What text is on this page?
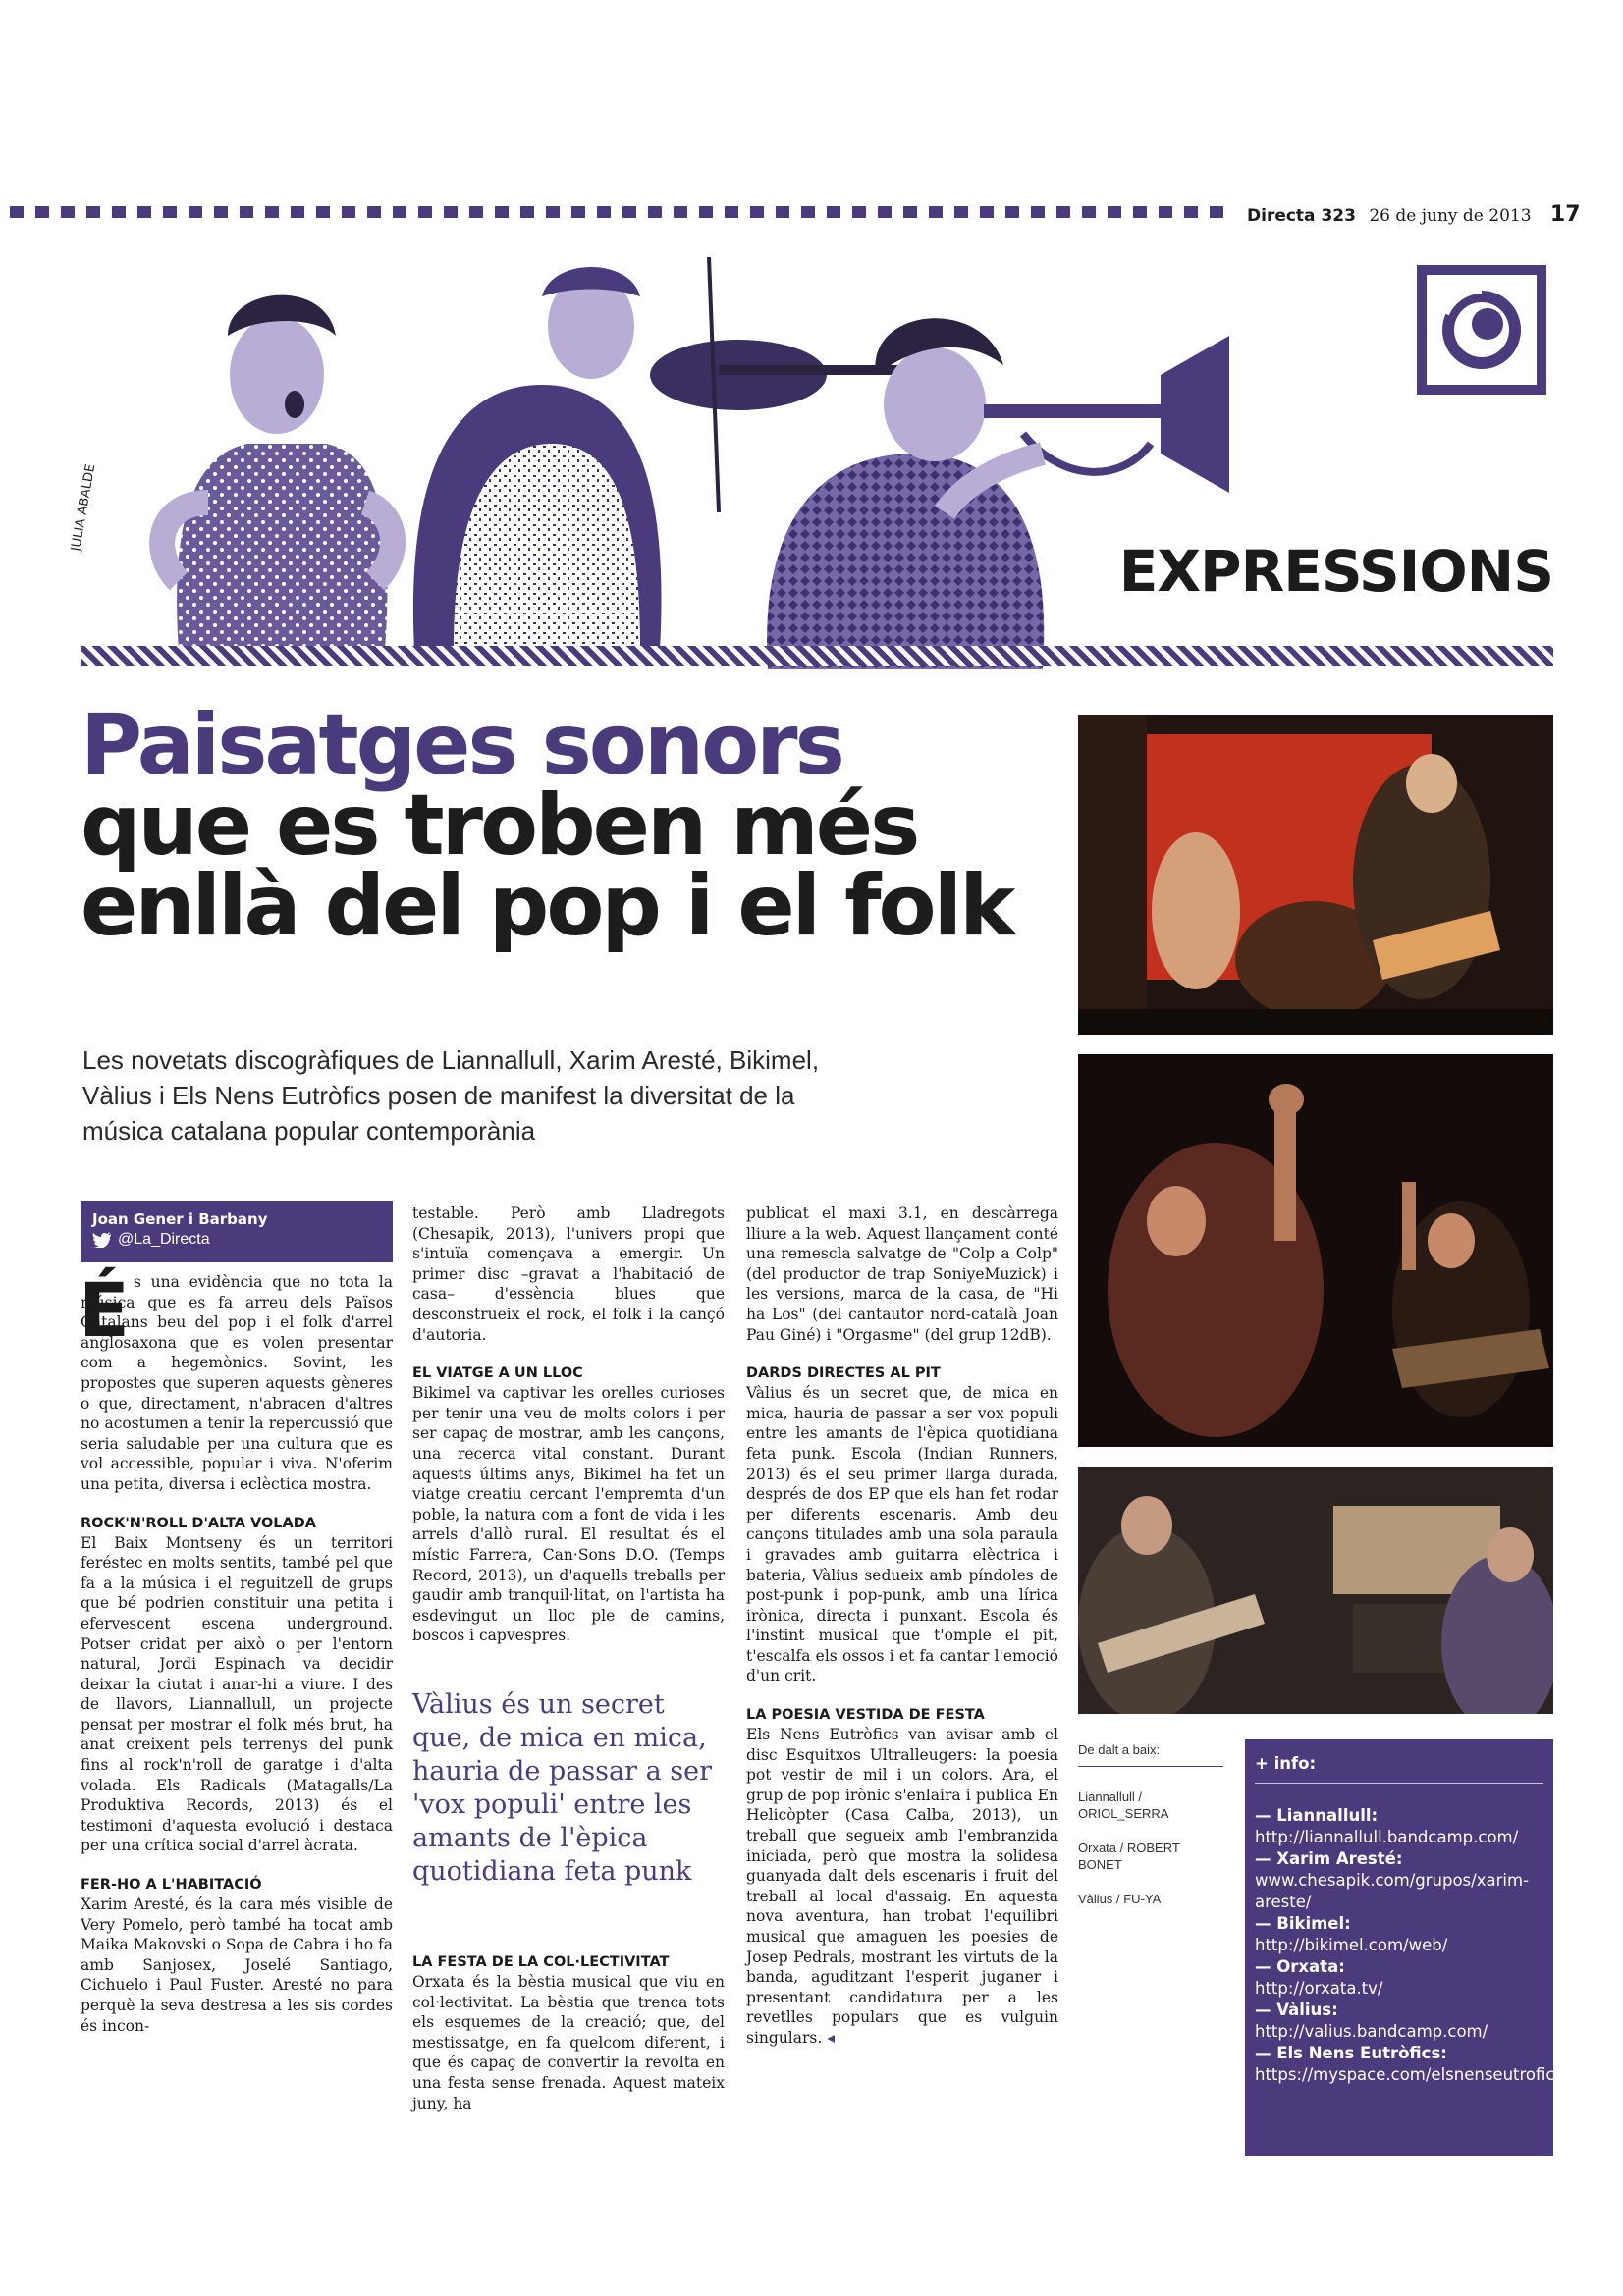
Directa 323 26 de juny de 2013 17
JULIA ABALDE
EXPRESSIONS
Paisatges sonors
que es troben més
enllà del pop i el folk
Les novetats discogràfiques de Liannallull, Xarim Aresté, Bikimel, Vàlius i Els Nens Eutròfics posen de manifest la diversitat de la música catalana popular contemporània
Joan Gener i Barbany
@La_Directa
É s una evidència que no tota la música que es fa arreu dels Països Catalans beu del pop i el folk d'arrel anglosaxona que es volen presentar com a hegemònics. Sovint, les propostes que superen aquests gèneres o que, directament, n'abracen d'altres no acostumen a tenir la repercussió que seria saludable per una cultura que es vol accessible, popular i viva. N'oferim una petita, diversa i eclèctica mostra.

ROCK'N'ROLL D'ALTA VOLADA

El Baix Montseny és un territori feréstec en molts sentits, també pel que fa a la música i el reguitzell de grups que bé podrien constituir una petita i efervescent escena underground. Potser cridat per això o per l'entorn natural, Jordi Espinach va decidir deixar la ciutat i anar-hi a viure. I des de llavors, Liannallull, un projecte pensat per mostrar el folk més brut, ha anat creixent pels terrenys del punk fins al rock'n'roll de garatge i d'alta volada. Els Radicals (Matagalls/La Produktiva Records, 2013) és el testimoni d'aquesta evolució i destaca per una crítica social d'arrel àcrata.

FER-HO A L'HABITACIÓ

Xarim Aresté, és la cara més visible de Very Pomelo, però també ha tocat amb Maika Makovski o Sopa de Cabra i ho fa amb Sanjosex, Joselé Santiago, Cichuelo i Paul Fuster. Aresté no para perquè la seva destresa a les sis cordes és incon-

testable. Però amb Lladregots (Chesapik, 2013), l'univers propi que s'intuïa començava a emergir. Un primer disc –gravat a l'habitació de casa– d'essència blues que desconstrueix el rock, el folk i la cançó d'autoria.

EL VIATGE A UN LLOC

Bikimel va captivar les orelles curioses per tenir una veu de molts colors i per ser capaç de mostrar, amb les cançons, una recerca vital constant. Durant aquests últims anys, Bikimel ha fet un viatge creatiu cercant l'empremta d'un poble, la natura com a font de vida i les arrels d'allò rural. El resultat és el místic Farrera, Can·Sons D.O. (Temps Record, 2013), un d'aquells treballs per gaudir amb tranquil·litat, on l'artista ha esdevingut un lloc ple de camins, boscos i capvespres.

Vàlius és un secret que, de mica en mica, hauria de passar a ser 'vox populi' entre les amants de l'èpica quotidiana feta punk
LA FESTA DE LA COL·LECTIVITAT

Orxata és la bèstia musical que viu en col·lectivitat. La bèstia que trenca tots els esquemes de la creació; que, del mestissatge, en fa quelcom diferent, i que és capaç de convertir la revolta en una festa sense frenada. Aquest mateix juny, ha

publicat el maxi 3.1, en descàrrega lliure a la web. Aquest llançament conté una remescla salvatge de "Colp a Colp" (del productor de trap SoniyeMuzick) i les versions, marca de la casa, de "Hi ha Los" (del cantautor nord-català Joan Pau Giné) i "Orgasme" (del grup 12dB).

DARDS DIRECTES AL PIT

Vàlius és un secret que, de mica en mica, hauria de passar a ser vox populi entre les amants de l'èpica quotidiana feta punk. Escola (Indian Runners, 2013) és el seu primer llarga durada, després de dos EP que els han fet rodar per diferents escenaris. Amb deu cançons titulades amb una sola paraula i gravades amb guitarra elèctrica i bateria, Vàlius sedueix amb píndoles de post-punk i pop-punk, amb una lírica irònica, directa i punxant. Escola és l'instint musical que t'omple el pit, t'escalfa els ossos i et fa cantar l'emoció d'un crit.

LA POESIA VESTIDA DE FESTA

Els Nens Eutròfics van avisar amb el disc Esquitxos Ultralleugers: la poesia pot vestir de mil i un colors. Ara, el grup de pop irònic s'enlaira i publica En Helicòpter (Casa Calba, 2013), un treball que segueix amb l'embranzida iniciada, però que mostra la solidesa guanyada dalt dels escenaris i fruit del treball al local d'assaig. En aquesta nova aventura, han trobat l'equilibri musical que amaguen les poesies de Josep Pedrals, mostrant les virtuts de la banda, aguditzant l'esperit juganer i presentant candidatura per a les revetlles populars que es vulguin singulars. ◂

De dalt a baix:
Liannallull /
ORIOL_SERRA
Orxata / ROBERT
BONET
Vàlius / FU-YA
+ info:
— Liannallull:
http://liannallull.bandcamp.com/
— Xarim Aresté:
www.chesapik.com/grupos/xarim-areste/
— Bikimel:
http://bikimel.com/web/
— Orxata:
http://orxata.tv/
— Vàlius:
http://valius.bandcamp.com/
— Els Nens Eutròfics:
https://myspace.com/elsnenseutrofics
